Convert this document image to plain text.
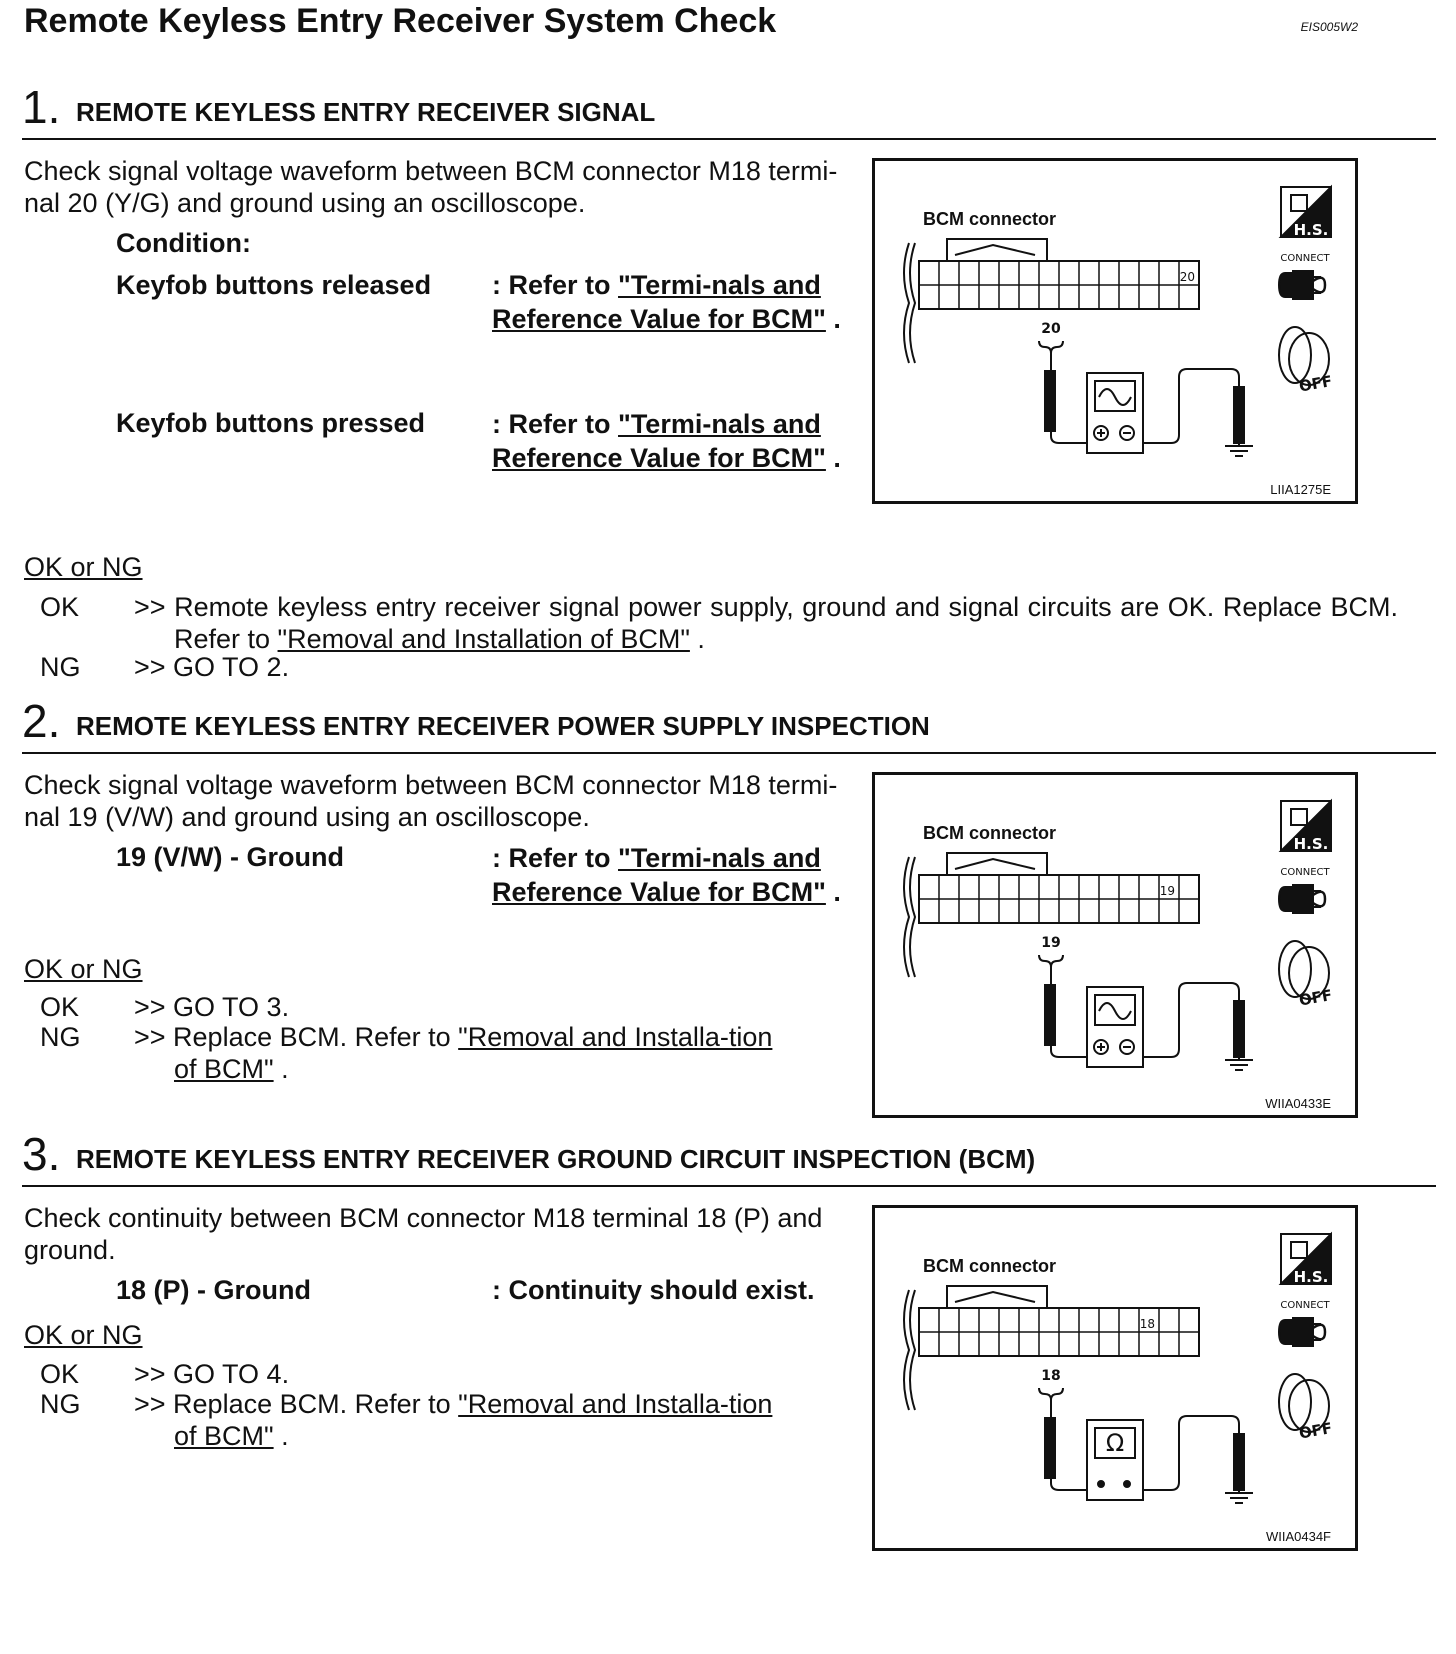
Remote Keyless Entry Receiver System Check	EIS005W2
1. REMOTE KEYLESS ENTRY RECEIVER SIGNAL
Check signal voltage waveform between BCM connector M18 termi-nal 20 (Y/G) and ground using an oscilloscope.
Condition:
Keyfob buttons released : Refer to "Termi-nals and Reference Value for BCM" .
Keyfob buttons pressed : Refer to "Termi-nals and Reference Value for BCM" .
OK or NG
OK >> Remote keyless entry receiver signal power supply, ground and signal circuits are OK. Replace BCM. Refer to "Removal and Installation of BCM" .
NG >> GO TO 2.
OFF
H.S.
CONNECT
20
20
BCM connector
LIIA1275E
2. REMOTE KEYLESS ENTRY RECEIVER POWER SUPPLY INSPECTION
Check signal voltage waveform between BCM connector M18 termi-nal 19 (V/W) and ground using an oscilloscope.
19 (V/W) - Ground	: Refer to "Termi-nals and Reference Value for BCM" .
OK or NG
OK >> GO TO 3.
NG >> Replace BCM. Refer to "Removal and Installa-tion of BCM" .
OFF
H.S.
CONNECT
19
19
BCM connector
WIIA0433E
3. REMOTE KEYLESS ENTRY RECEIVER GROUND CIRCUIT INSPECTION (BCM)
Check continuity between BCM connector M18 terminal 18 (P) and ground.
18 (P) - Ground	: Continuity should exist.
OK or NG
OK >> GO TO 4.
NG >> Replace BCM. Refer to "Removal and Installa-tion of BCM" .	Ω	OFF
H.S.
CONNECT
18
18
BCM connector
WIIA0434F
